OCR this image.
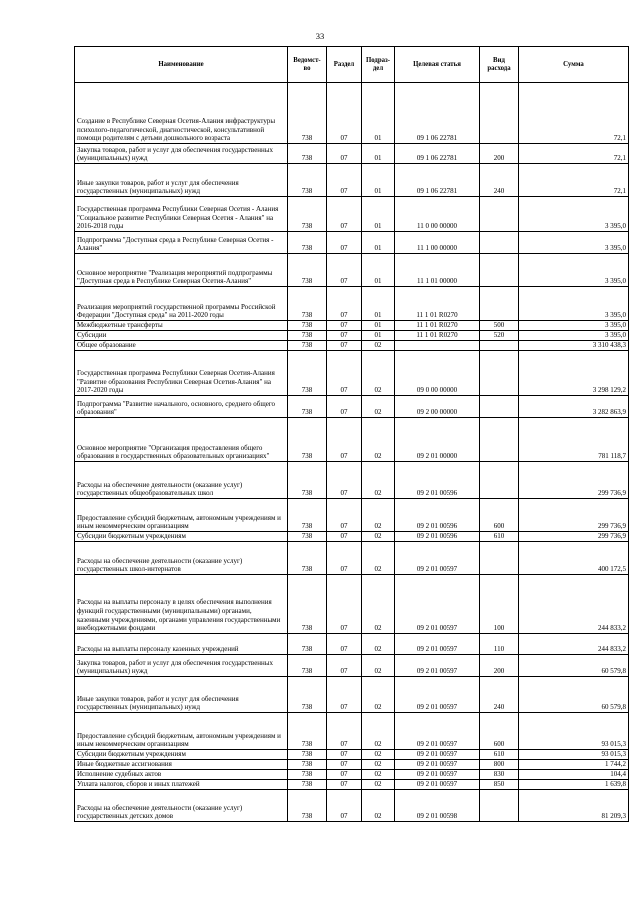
33
Наименование	Ведомст-во	Раздел	Подраз-дел	Целевая статья	Вид расхода	Сумма
Создание в Республике Северная Осетия-Алания инфраструктуры психолого-педагогической, диагностической, консультативной помощи родителям с детьми дошкольного возраста	738	07	01	09 1 06 22781		72,1
Закупка товаров, работ и услуг для обеспечения государственных (муниципальных) нужд	738	07	01	09 1 06 22781	200	72,1
Иные закупки товаров, работ и услуг для обеспечения государственных (муниципальных) нужд	738	07	01	09 1 06 22781	240	72,1
Государственная программа Республики Северная Осетия - Алания "Социальное развитие Республики Северная Осетия - Алания" на 2016-2018 годы	738	07	01	11 0 00 00000		3 395,0
Подпрограмма "Доступная среда в Республике Северная Осетия - Алания"	738	07	01	11 1 00 00000		3 395,0
Основное мероприятие "Реализация мероприятий подпрограммы "Доступная среда в Республике Северная Осетия-Алания"	738	07	01	11 1 01 00000		3 395,0
Реализация мероприятий государственной программы Российской Федерации "Доступная среда" на 2011-2020 годы	738	07	01	11 1 01 R0270		3 395,0
Межбюджетные трансферты	738	07	01	11 1 01 R0270	500	3 395,0
Субсидии	738	07	01	11 1 01 R0270	520	3 395,0
Общее образование	738	07	02			3 310 438,3
Государственная программа Республики Северная Осетия-Алания "Развитие образования Республики Северная Осетия-Алания" на 2017-2020 годы	738	07	02	09 0 00 00000		3 298 129,2
Подпрограмма "Развитие начального, основного, среднего общего образования"	738	07	02	09 2 00 00000		3 282 863,9
Основное мероприятие "Организация предоставления общего образования в государственных образовательных организациях"	738	07	02	09 2 01 00000		781 118,7
Расходы на обеспечение деятельности (оказание услуг) государственных общеобразовательных школ	738	07	02	09 2 01 00596		299 736,9
Предоставление субсидий бюджетным, автономным учреждениям и иным некоммерческим организациям	738	07	02	09 2 01 00596	600	299 736,9
Субсидии бюджетным учреждениям	738	07	02	09 2 01 00596	610	299 736,9
Расходы на обеспечение деятельности (оказание услуг) государственных школ-интернатов	738	07	02	09 2 01 00597		400 172,5
Расходы на выплаты персоналу в целях обеспечения выполнения функций государственными (муниципальными) органами, казенными учреждениями, органами управления государственными внебюджетными фондами	738	07	02	09 2 01 00597	100	244 833,2
Расходы на выплаты персоналу казенных учреждений	738	07	02	09 2 01 00597	110	244 833,2
Закупка товаров, работ и услуг для обеспечения государственных (муниципальных) нужд	738	07	02	09 2 01 00597	200	60 579,8
Иные закупки товаров, работ и услуг для обеспечения государственных (муниципальных) нужд	738	07	02	09 2 01 00597	240	60 579,8
Предоставление субсидий бюджетным, автономным учреждениям и иным некоммерческим организациям	738	07	02	09 2 01 00597	600	93 015,3
Субсидии бюджетным учреждениям	738	07	02	09 2 01 00597	610	93 015,3
Иные бюджетные ассигнования	738	07	02	09 2 01 00597	800	1 744,2
Исполнение судебных актов	738	07	02	09 2 01 00597	830	104,4
Уплата налогов, сборов и иных платежей	738	07	02	09 2 01 00597	850	1 639,8
Расходы на обеспечение деятельности (оказание услуг) государственных детских домов	738	07	02	09 2 01 00598		81 209,3
